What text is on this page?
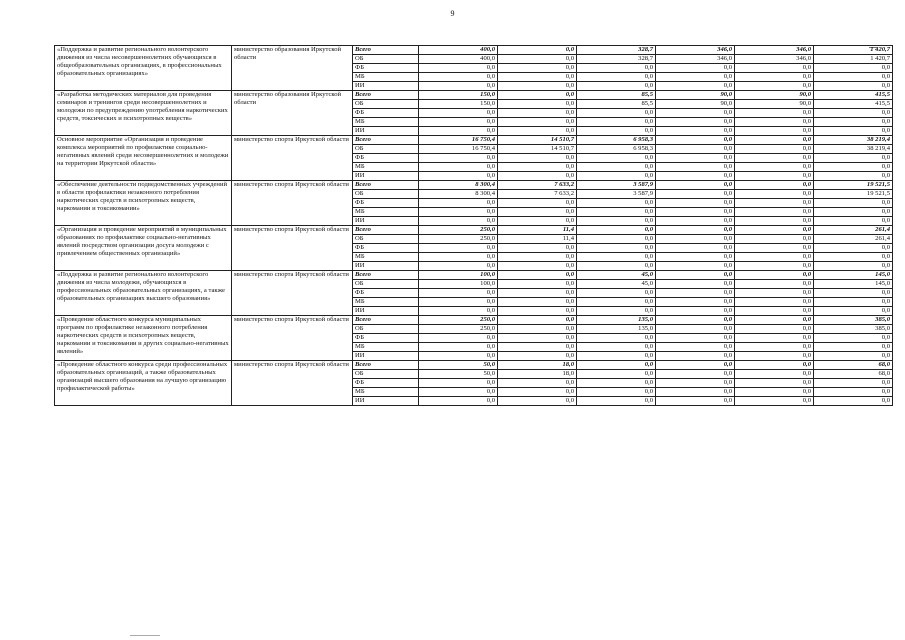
9
«Поддержка и развитие регионального волонтерского движения из числа несовершеннолетних обучающихся в общеобразовательных организациях, в профессиональных образовательных организациях»	министерство образования Иркутской области	Всего	400,0	0,0	328,7	346,0	346,0	1 420,7
		ОБ	400,0	0,0	328,7	346,0	346,0	1 420,7
		ФБ	0,0	0,0	0,0	0,0	0,0	0,0
		МБ	0,0	0,0	0,0	0,0	0,0	0,0
		ИИ	0,0	0,0	0,0	0,0	0,0	0,0
«Разработка методических материалов для проведения семинаров и тренингов среди несовершеннолетних и молодежи по предупреждению употребления наркотических средств, токсических и психотропных веществ»	министерство образования Иркутской области	Всего	150,0	0,0	85,5	90,0	90,0	415,5
		ОБ	150,0	0,0	85,5	90,0	90,0	415,5
		ФБ	0,0	0,0	0,0	0,0	0,0	0,0
		МБ	0,0	0,0	0,0	0,0	0,0	0,0
		ИИ	0,0	0,0	0,0	0,0	0,0	0,0
Основное мероприятие «Организация и проведение комплекса мероприятий по профилактике социально-негативных явлений среди несовершеннолетних и молодежи на территории Иркутской области»	министерство спорта Иркутской области	Всего	16 750,4	14 510,7	6 958,3	0,0	0,0	38 219,4
		ОБ	16 750,4	14 510,7	6 958,3	0,0	0,0	38 219,4
		ФБ	0,0	0,0	0,0	0,0	0,0	0,0
		МБ	0,0	0,0	0,0	0,0	0,0	0,0
		ИИ	0,0	0,0	0,0	0,0	0,0	0,0
«Обеспечение деятельности подведомственных учреждений в области профилактики незаконного потребления наркотических средств и психотропных веществ, наркомании и токсикомании»	министерство спорта Иркутской области	Всего	8 300,4	7 633,2	3 587,9	0,0	0,0	19 521,5
		ОБ	8 300,4	7 633,2	3 587,9	0,0	0,0	19 521,5
		ФБ	0,0	0,0	0,0	0,0	0,0	0,0
		МБ	0,0	0,0	0,0	0,0	0,0	0,0
		ИИ	0,0	0,0	0,0	0,0	0,0	0,0
«Организация и проведение мероприятий в муниципальных образованиях по профилактике социально-негативных явлений посредством организации досуга молодежи с привлечением общественных организаций»	министерство спорта Иркутской области	Всего	250,0	11,4	0,0	0,0	0,0	261,4
		ОБ	250,0	11,4	0,0	0,0	0,0	261,4
		ФБ	0,0	0,0	0,0	0,0	0,0	0,0
		МБ	0,0	0,0	0,0	0,0	0,0	0,0
		ИИ	0,0	0,0	0,0	0,0	0,0	0,0
«Поддержка и развитие регионального волонтерского движения из числа молодежи, обучающихся в профессиональных образовательных организациях, а также образовательных организациях высшего образования»	министерство спорта Иркутской области	Всего	100,0	0,0	45,0	0,0	0,0	145,0
		ОБ	100,0	0,0	45,0	0,0	0,0	145,0
		ФБ	0,0	0,0	0,0	0,0	0,0	0,0
		МБ	0,0	0,0	0,0	0,0	0,0	0,0
		ИИ	0,0	0,0	0,0	0,0	0,0	0,0
«Проведение областного конкурса муниципальных программ по профилактике незаконного потребления наркотических средств и психотропных веществ, наркомании и токсикомании и других социально-негативных явлений»	министерство спорта Иркутской области	Всего	250,0	0,0	135,0	0,0	0,0	385,0
		ОБ	250,0	0,0	135,0	0,0	0,0	385,0
		ФБ	0,0	0,0	0,0	0,0	0,0	0,0
		МБ	0,0	0,0	0,0	0,0	0,0	0,0
		ИИ	0,0	0,0	0,0	0,0	0,0	0,0
«Проведение областного конкурса среди профессиональных образовательных организаций, а также образовательных организаций высшего образования на лучшую организацию профилактической работы»	министерство спорта Иркутской области	Всего	50,0	18,0	0,0	0,0	0,0	68,0
		ОБ	50,0	18,0	0,0	0,0	0,0	68,0
		ФБ	0,0	0,0	0,0	0,0	0,0	0,0
		МБ	0,0	0,0	0,0	0,0	0,0	0,0
		ИИ	0,0	0,0	0,0	0,0	0,0	0,0
